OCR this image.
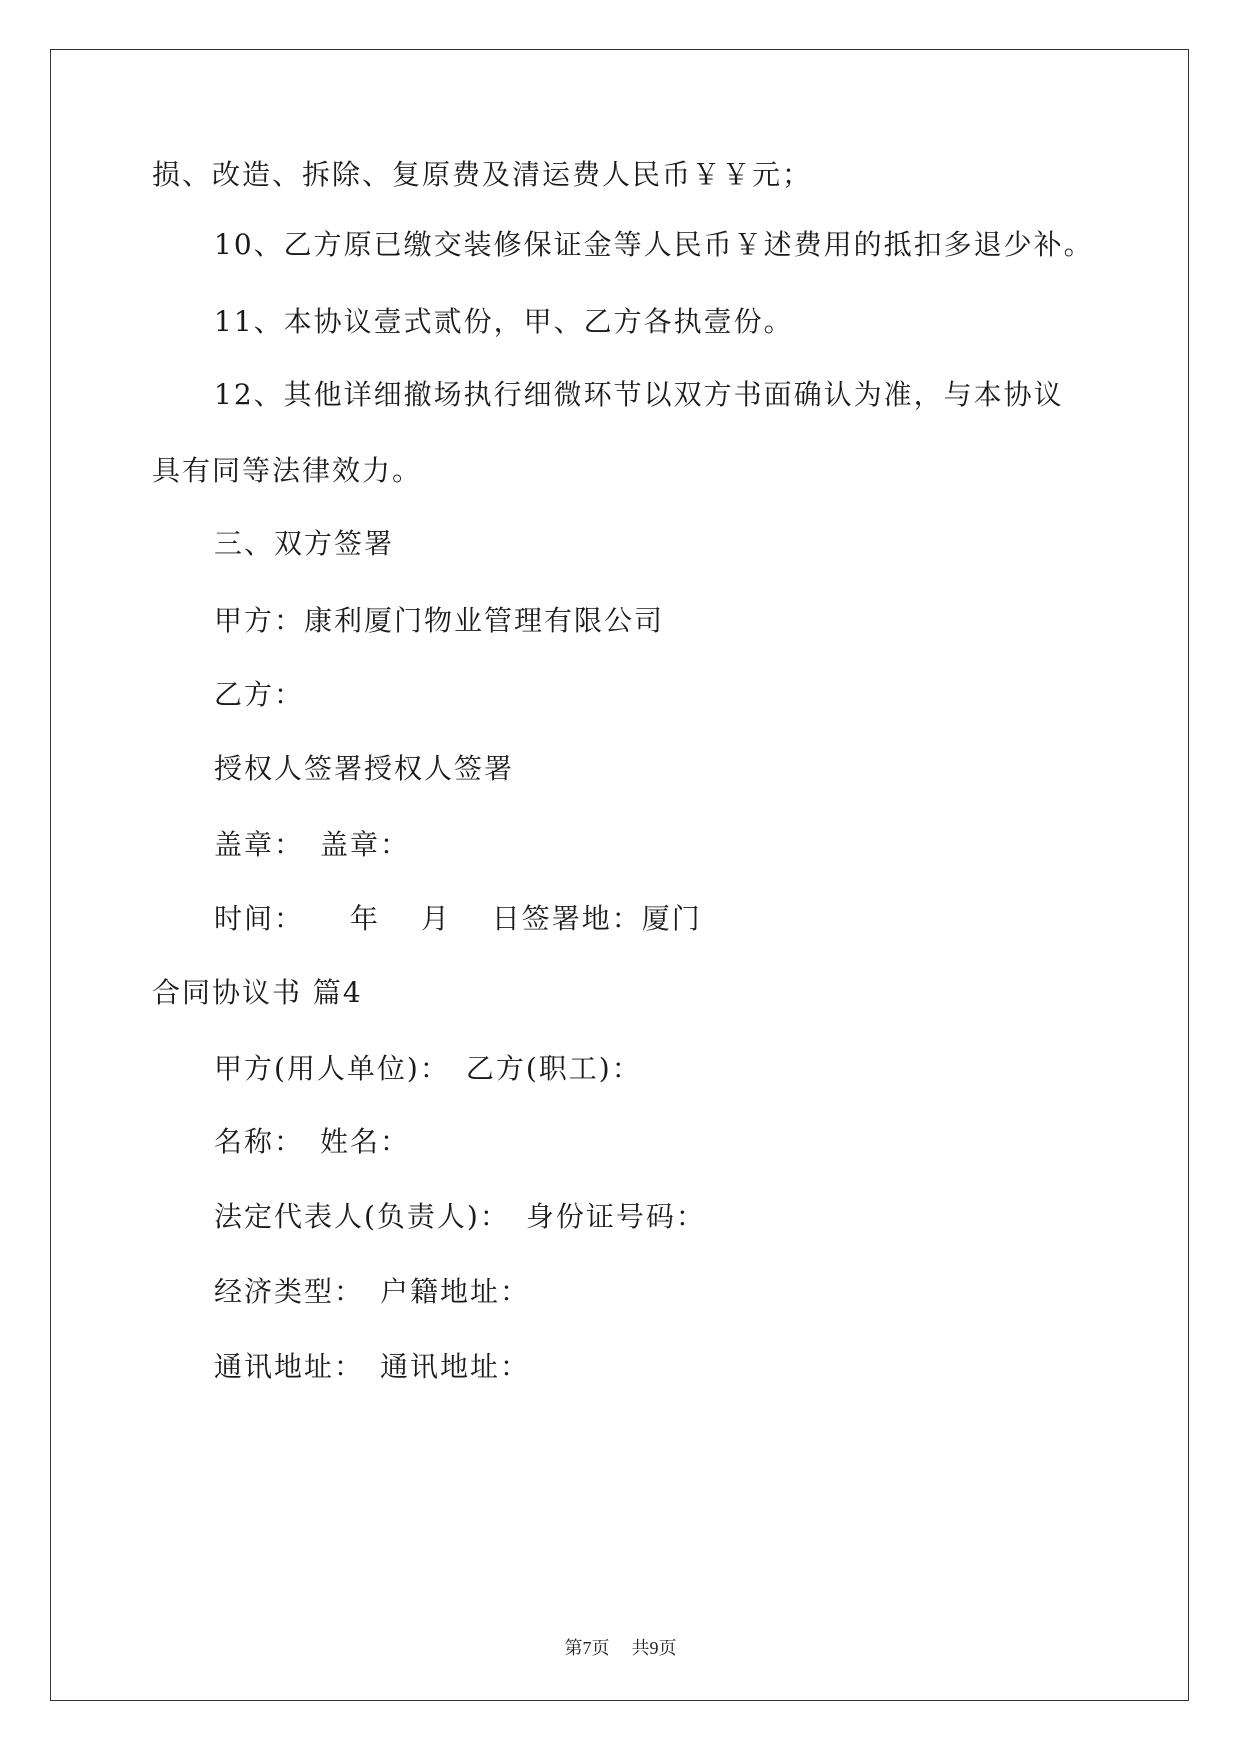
损、改造、拆除、复原费及清运费人民币￥￥元；
10、乙方原已缴交装修保证金等人民币￥述费用的抵扣多退少补。
11、本协议壹式贰份，甲、乙方各执壹份。
12、其他详细撤场执行细微环节以双方书面确认为准，与本协议
具有同等法律效力。
三、双方签署
甲方：康利厦门物业管理有限公司
乙方：
授权人签署授权人签署
盖章：　盖章：
时间：　　年　 月　 日签署地：厦门
合同协议书 篇4
甲方(用人单位)：　乙方(职工)：
名称：　姓名：
法定代表人(负责人)：　身份证号码：
经济类型：　户籍地址：
通讯地址：　通讯地址：
第7页 共9页
